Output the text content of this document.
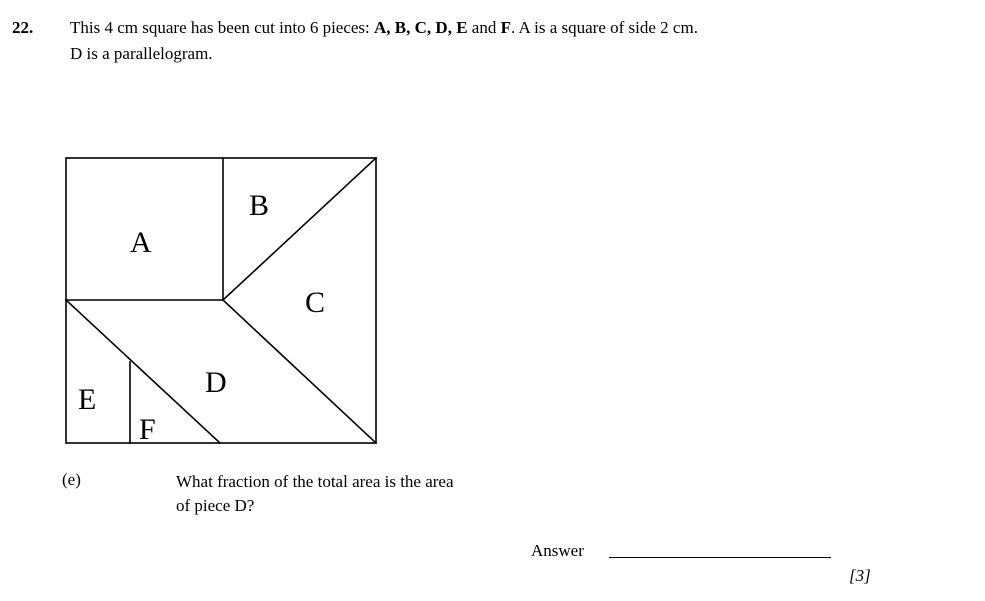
22. This 4 cm square has been cut into 6 pieces: A, B, C, D, E and F. A is a square of side 2 cm.
D is a parallelogram.
A
B
C
D
E
F
(e)	What fraction of the total area is the area
of piece D?
Answer
[3]
